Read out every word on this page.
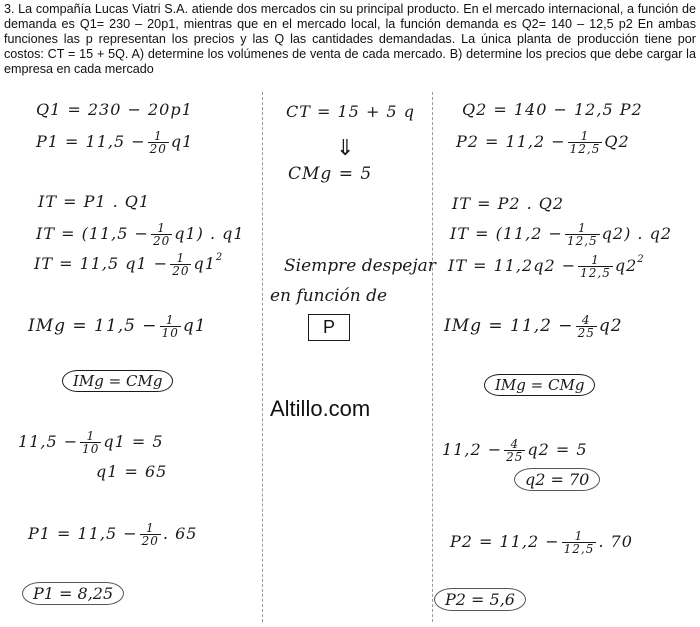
3. La compañía Lucas Viatri S.A. atiende dos mercados cin su principal producto. En el mercado internacional, a función de demanda es Q1= 230 – 20p1, mientras que en el mercado local, la función demanda es Q2= 140 – 12,5 p2 En ambas funciones las p representan los precios y las Q las cantidades demandadas. La única planta de producción tiene por costos: CT = 15 + 5Q. A) determine los volúmenes de venta de cada mercado. B) determine los precios que debe cargar la empresa en cada mercado
Q1 = 230 − 20p1
$P1 = 11,5 - \frac{1}{20} q1$
IT = P1 . Q1
IT = $(11,5 - \frac{1}{20} q1)$ . q1
IT = 11,5 $q1 - \frac{1}{20} q1^2$
IMg = $11,5 - \frac{1}{10} q1$
IMg = CMg
$11,5 - \frac{1}{10} q1 = 5$
q1 = 65
$P1 = 11,5 - \frac{1}{20}$ . 65
P1 = 8,25
CT = 15 + 5 q
⇓
CMg = 5
Siempre despejar
en función de
P
Altillo.com
Q2 = 140 − 12,5 P2
$P2 = 11,2 - \frac{1}{12,5} Q2$
IT = P2 . Q2
IT = $(11,2 - \frac{1}{12,5} q2)$ . q2
IT = $11,2q2 - \frac{1}{12,5} q2^2$
IMg = $11,2 - \frac{4}{25} q2$
IMg = CMg
$11,2 - \frac{4}{25} q2 = 5$
q2 = 70
$P2 = 11,2 - \frac{1}{12,5}$ . 70
P2 = 5,6
